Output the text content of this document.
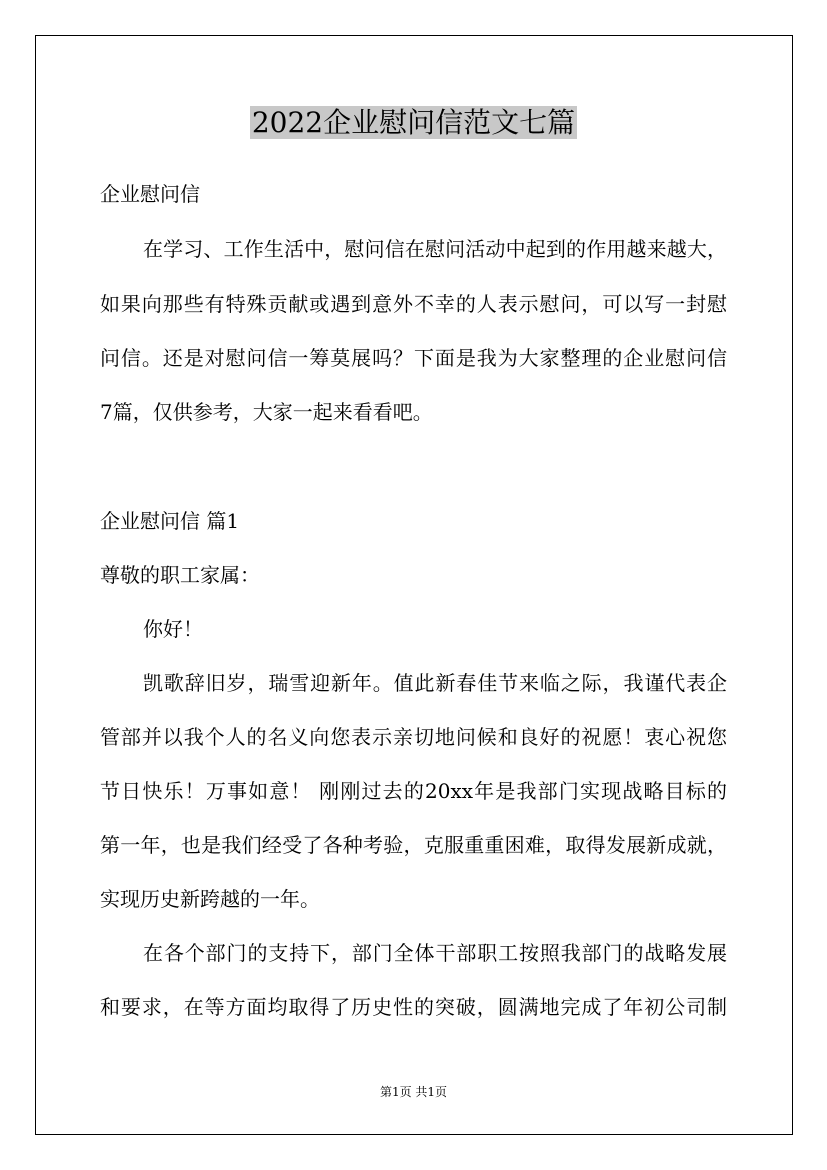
2022企业慰问信范文七篇
企业慰问信
在学习、工作生活中，慰问信在慰问活动中起到的作用越来越大，
如果向那些有特殊贡献或遇到意外不幸的人表示慰问，可以写一封慰
问信。还是对慰问信一筹莫展吗？下面是我为大家整理的企业慰问信
7篇，仅供参考，大家一起来看看吧。
企业慰问信 篇1
尊敬的职工家属：
你好！
凯歌辞旧岁，瑞雪迎新年。值此新春佳节来临之际，我谨代表企
管部并以我个人的名义向您表示亲切地问候和良好的祝愿！衷心祝您
节日快乐！万事如意！ 刚刚过去的20xx年是我部门实现战略目标的
第一年，也是我们经受了各种考验，克服重重困难，取得发展新成就，
实现历史新跨越的一年。
在各个部门的支持下，部门全体干部职工按照我部门的战略发展
和要求，在等方面均取得了历史性的突破，圆满地完成了年初公司制
第1页 共1页
